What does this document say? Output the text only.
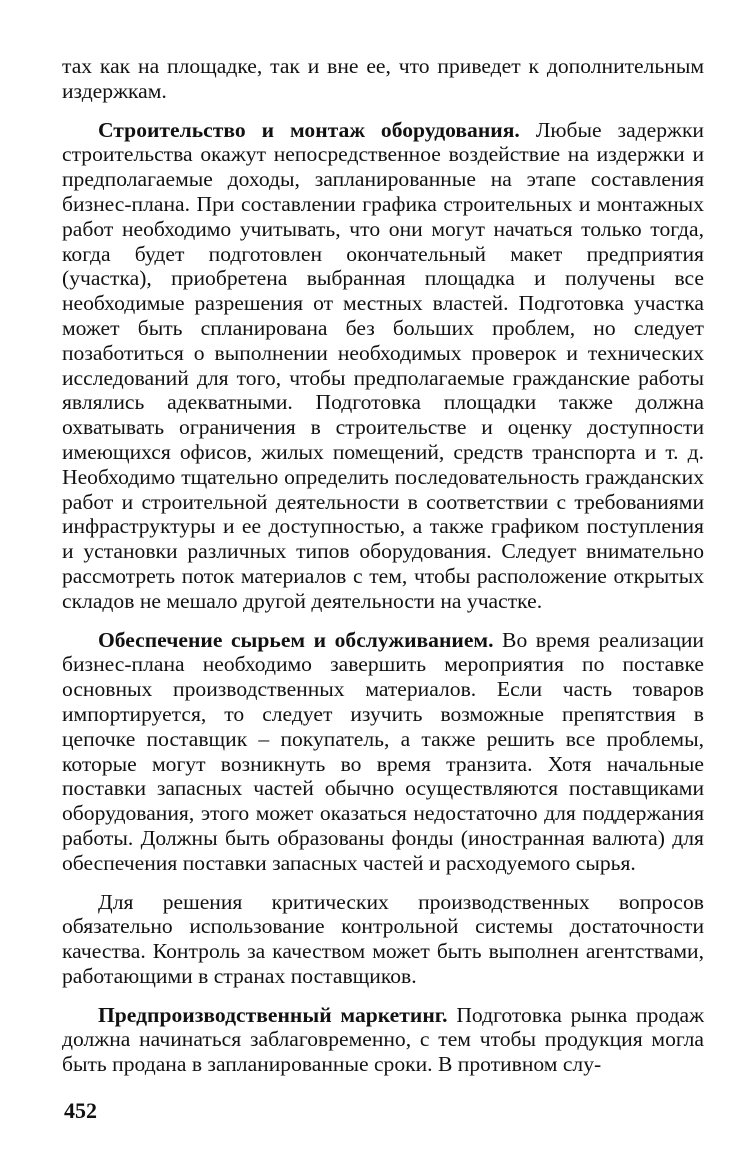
тах как на площадке, так и вне ее, что приведет к дополнительным издержкам.

Строительство и монтаж оборудования. Любые задержки строительства окажут непосредственное воздействие на издержки и предполагаемые доходы, запланированные на этапе составления бизнес-плана. При составлении графика строительных и монтажных работ необходимо учитывать, что они могут начаться только тогда, когда будет подготовлен окончательный макет предприятия (участка), приобретена выбранная площадка и получены все необходимые разрешения от местных властей. Подготовка участка может быть спланирована без больших проблем, но следует позаботиться о выполнении необходимых проверок и технических исследований для того, чтобы предполагаемые гражданские работы являлись адекватными. Подготовка площадки также должна охватывать ограничения в строительстве и оценку доступности имеющихся офисов, жилых помещений, средств транспорта и т. д. Необходимо тщательно определить последовательность гражданских работ и строительной деятельности в соответствии с требованиями инфраструктуры и ее доступностью, а также графиком поступления и установки различных типов оборудования. Следует внимательно рассмотреть поток материалов с тем, чтобы расположение открытых складов не мешало другой деятельности на участке.

Обеспечение сырьем и обслуживанием. Во время реализации бизнес-плана необходимо завершить мероприятия по поставке основных производственных материалов. Если часть товаров импортируется, то следует изучить возможные препятствия в цепочке поставщик – покупатель, а также решить все проблемы, которые могут возникнуть во время транзита. Хотя начальные поставки запасных частей обычно осуществляются поставщиками оборудования, этого может оказаться недостаточно для поддержания работы. Должны быть образованы фонды (иностранная валюта) для обеспечения поставки запасных частей и расходуемого сырья.

Для решения критических производственных вопросов обязательно использование контрольной системы достаточности качества. Контроль за качеством может быть выполнен агентствами, работающими в странах поставщиков.

Предпроизводственный маркетинг. Подготовка рынка продаж должна начинаться заблаговременно, с тем чтобы продукция могла быть продана в запланированные сроки. В противном слу-

452
